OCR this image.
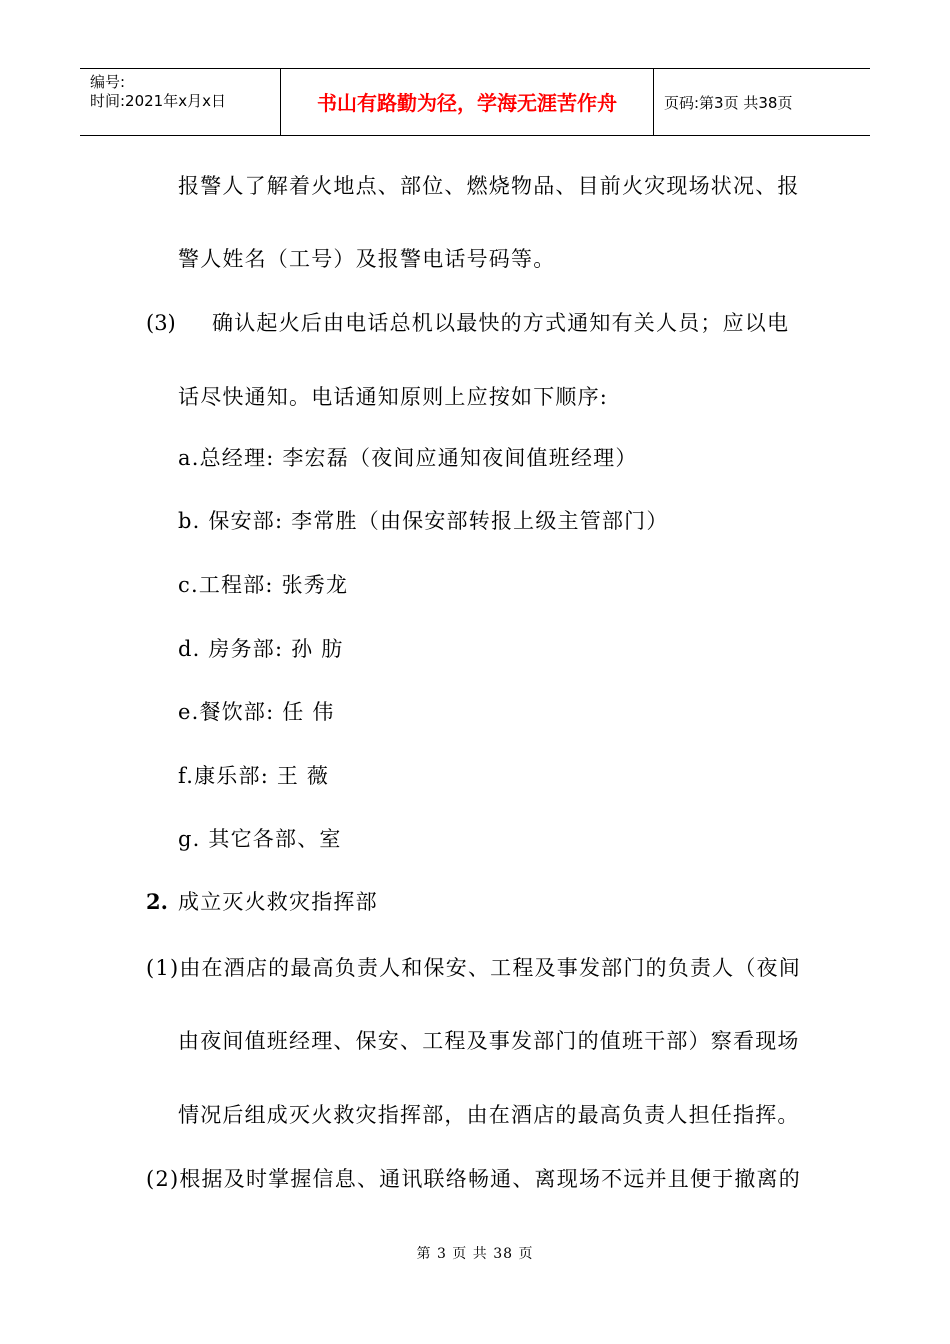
编号:
时间:2021年x月x日	书山有路勤为径，学海无涯苦作舟	页码:第3页 共38页
报警人了解着火地点、部位、燃烧物品、目前火灾现场状况、报
警人姓名（工号）及报警电话号码等。
(3) 确认起火后由电话总机以最快的方式通知有关人员；应以电
话尽快通知。电话通知原则上应按如下顺序:
a.总经理: 李宏磊（夜间应通知夜间值班经理）
b. 保安部: 李常胜（由保安部转报上级主管部门）
c.工程部: 张秀龙
d. 房务部: 孙 肪
e.餐饮部: 任 伟
f.康乐部: 王 薇
g. 其它各部、室
2. 成立灭火救灾指挥部
(1)由在酒店的最高负责人和保安、工程及事发部门的负责人（夜间
由夜间值班经理、保安、工程及事发部门的值班干部）察看现场
情况后组成灭火救灾指挥部，由在酒店的最高负责人担任指挥。
(2)根据及时掌握信息、通讯联络畅通、离现场不远并且便于撤离的
第 3 页 共 38 页
